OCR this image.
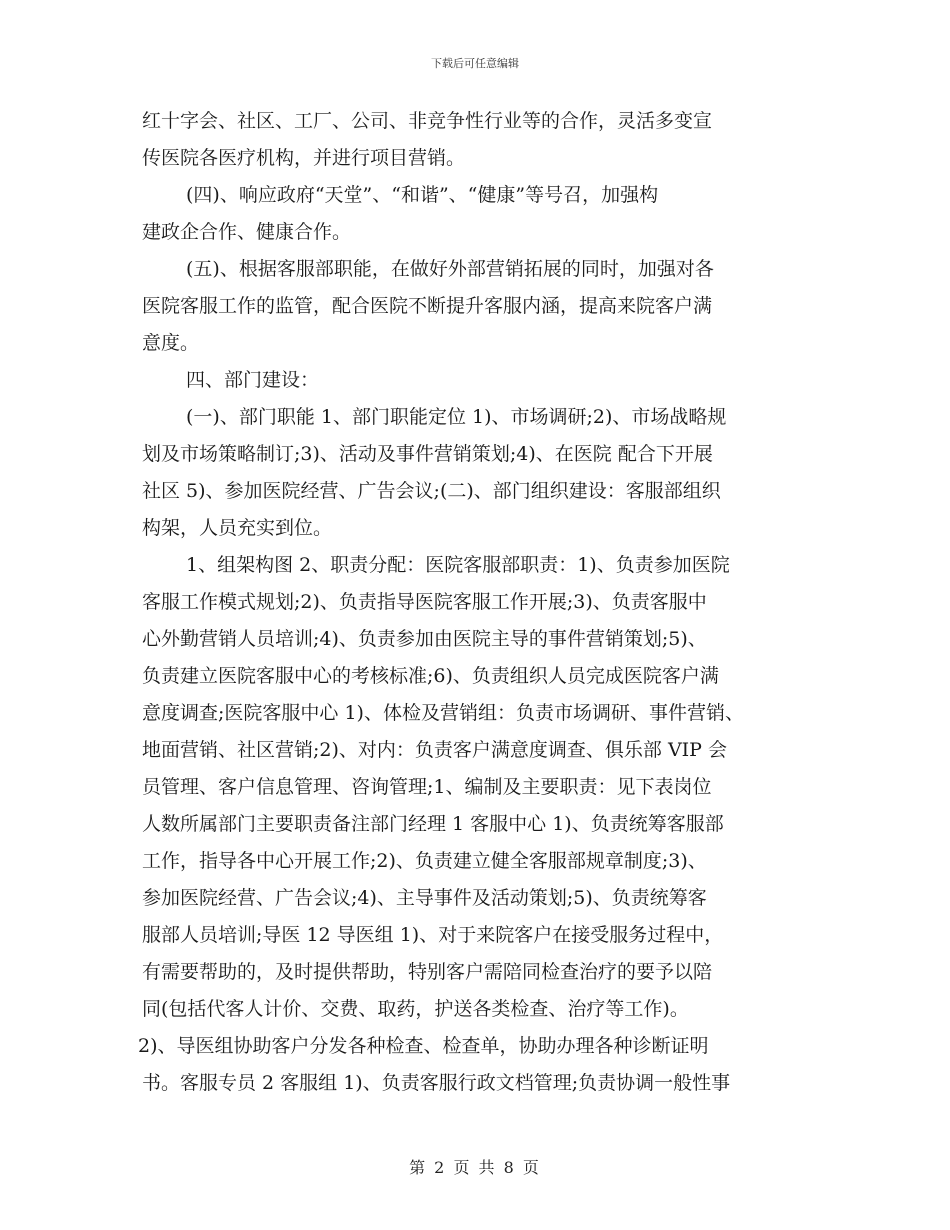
下载后可任意编辑
红十字会、社区、工厂、公司、非竞争性行业等的合作，灵活多变宣
传医院各医疗机构，并进行项目营销。
(四)、响应政府“天堂”、“和谐”、“健康”等号召，加强构
建政企合作、健康合作。
(五)、根据客服部职能，在做好外部营销拓展的同时，加强对各
医院客服工作的监管，配合医院不断提升客服内涵，提高来院客户满
意度。
四、部门建设：
(一)、部门职能 1、部门职能定位 1)、市场调研;2)、市场战略规
划及市场策略制订;3)、活动及事件营销策划;4)、在医院 配合下开展
社区 5)、参加医院经营、广告会议;(二)、部门组织建设：客服部组织
构架，人员充实到位。
1、组架构图 2、职责分配：医院客服部职责：1)、负责参加医院
客服工作模式规划;2)、负责指导医院客服工作开展;3)、负责客服中
心外勤营销人员培训;4)、负责参加由医院主导的事件营销策划;5)、
负责建立医院客服中心的考核标准;6)、负责组织人员完成医院客户满
意度调查;医院客服中心 1)、体检及营销组：负责市场调研、事件营销、
地面营销、社区营销;2)、对内：负责客户满意度调查、俱乐部 VIP 会
员管理、客户信息管理、咨询管理;1、编制及主要职责：见下表岗位
人数所属部门主要职责备注部门经理 1 客服中心 1)、负责统筹客服部
工作，指导各中心开展工作;2)、负责建立健全客服部规章制度;3)、
参加医院经营、广告会议;4)、主导事件及活动策划;5)、负责统筹客
服部人员培训;导医 12 导医组 1)、对于来院客户在接受服务过程中，
有需要帮助的，及时提供帮助，特别客户需陪同检查治疗的要予以陪
同(包括代客人计价、交费、取药，护送各类检查、治疗等工作)。
2)、导医组协助客户分发各种检查、检查单，协助办理各种诊断证明
书。客服专员 2 客服组 1)、负责客服行政文档管理;负责协调一般性事
第 2 页 共 8 页
